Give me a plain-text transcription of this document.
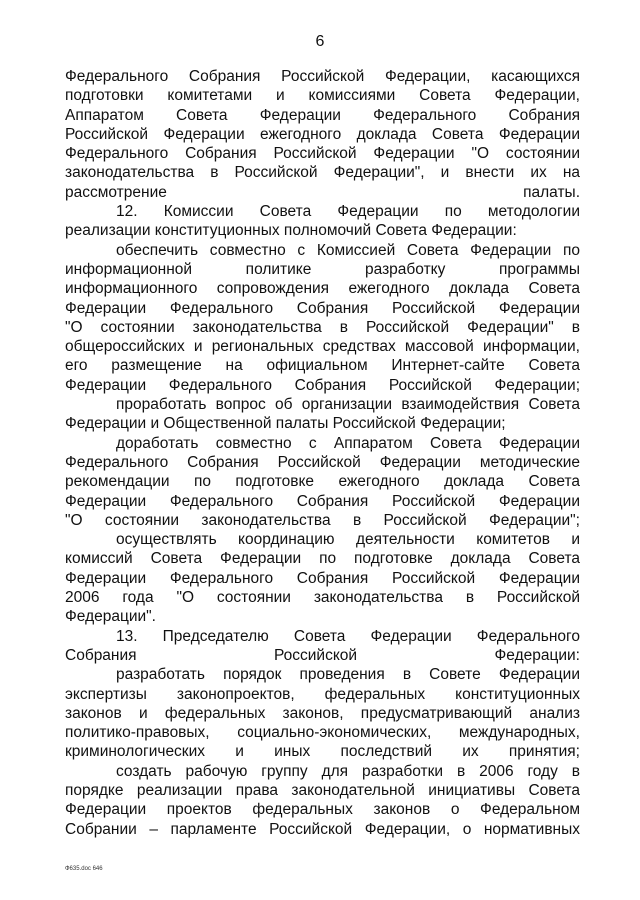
6

Федерального Собрания Российской Федерации, касающихся
подготовки комитетами и комиссиями Совета Федерации,
Аппаратом Совета Федерации Федерального Собрания
Российской Федерации ежегодного доклада Совета Федерации
Федерального Собрания Российской Федерации "О состоянии
законодательства в Российской Федерации", и внести их на
рассмотрение палаты.

12. Комиссии Совета Федерации по методологии
реализации конституционных полномочий Совета Федерации:

обеспечить совместно с Комиссией Совета Федерации по
информационной политике разработку программы
информационного сопровождения ежегодного доклада Совета
Федерации Федерального Собрания Российской Федерации
"О состоянии законодательства в Российской Федерации" в
общероссийских и региональных средствах массовой информации,
его размещение на официальном Интернет-сайте Совета
Федерации Федерального Собрания Российской Федерации;

проработать вопрос об организации взаимодействия Совета
Федерации и Общественной палаты Российской Федерации;

доработать совместно с Аппаратом Совета Федерации
Федерального Собрания Российской Федерации методические
рекомендации по подготовке ежегодного доклада Совета
Федерации Федерального Собрания Российской Федерации
"О состоянии законодательства в Российской Федерации";

осуществлять координацию деятельности комитетов и
комиссий Совета Федерации по подготовке доклада Совета
Федерации Федерального Собрания Российской Федерации
2006 года "О состоянии законодательства в Российской
Федерации".

13. Председателю Совета Федерации Федерального
Собрания Российской Федерации:

разработать порядок проведения в Совете Федерации
экспертизы законопроектов, федеральных конституционных
законов и федеральных законов, предусматривающий анализ
политико-правовых, социально-экономических, международных,
криминологических и иных последствий их принятия;

создать рабочую группу для разработки в 2006 году в
порядке реализации права законодательной инициативы Совета
Федерации проектов федеральных законов о Федеральном
Собрании – парламенте Российской Федерации, о нормативных

Ф635.doc 646
